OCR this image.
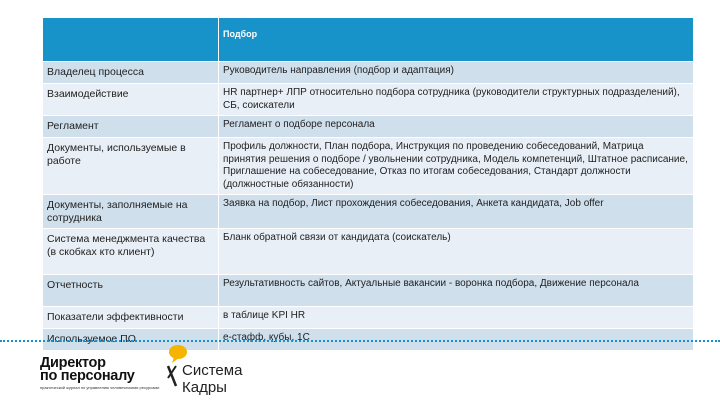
	Подбор
Владелец процесса	Руководитель направления (подбор и адаптация)
Взаимодействие	HR партнер+ ЛПР относительно подбора сотрудника (руководители структурных подразделений), СБ, соискатели
Регламент	Регламент о подборе персонала
Документы, используемые в работе	Профиль должности, План подбора, Инструкция по проведению собеседований, Матрица принятия решения о подборе / увольнении сотрудника, Модель компетенций, Штатное расписание, Приглашение на собеседование, Отказ по итогам собеседования, Стандарт должности (должностные обязанности)
Документы, заполняемые на сотрудника	Заявка на подбор, Лист прохождения собеседования, Анкета кандидата, Job offer
Система менеджмента качества (в скобках кто клиент)	Бланк обратной связи от кандидата (соискатель)
Отчетность	Результативность сайтов, Актуальные вакансии - воронка подбора, Движение персонала
Показатели эффективности	в таблице KPI HR
Используемое ПО	е-стафф, кубы, 1С
Директор
по персоналу
практический журнал по управлению человеческими ресурсами
Система
Кадры
